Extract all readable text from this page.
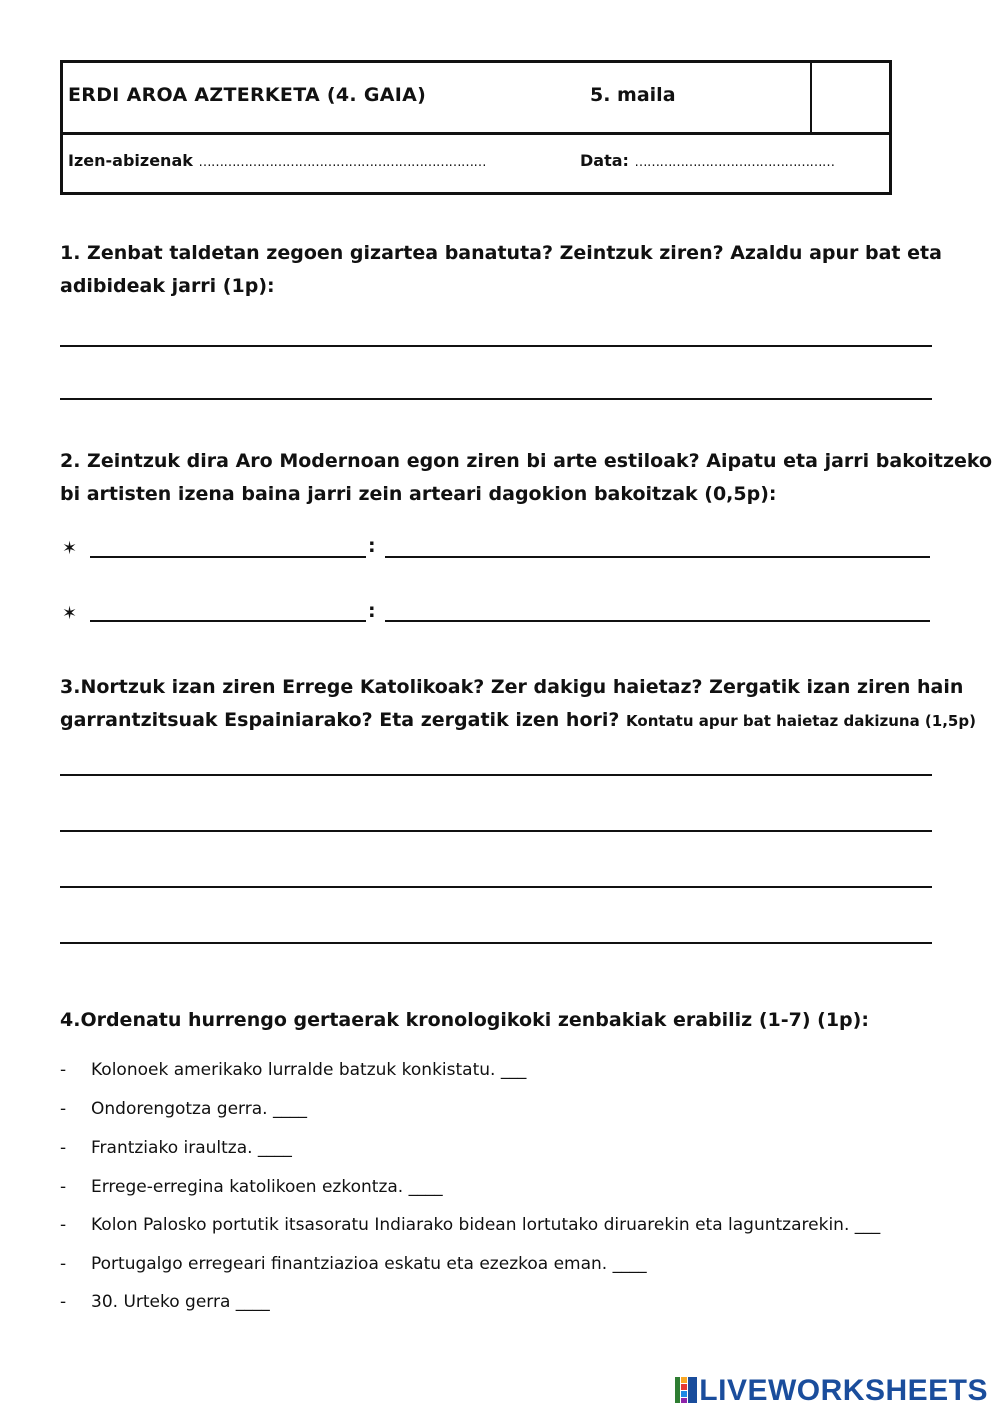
ERDI AROA AZTERKETA (4. GAIA)	5. maila
Izen-abizenak ……………………………………………………………	Data: …………………………………………
1. Zenbat taldetan zegoen gizartea banatuta? Zeintzuk ziren? Azaldu apur bat eta
adibideak jarri (1p):
2. Zeintzuk dira Aro Modernoan egon ziren bi arte estiloak? Aipatu eta jarri bakoitzeko
bi artisten izena baina jarri zein arteari dagokion bakoitzak (0,5p):
✶	:
✶	:
3.Nortzuk izan ziren Errege Katolikoak? Zer dakigu haietaz? Zergatik izan ziren hain
garrantzitsuak Espainiarako? Eta zergatik izen hori? Kontatu apur bat haietaz dakizuna (1,5p)
4.Ordenatu hurrengo gertaerak kronologikoki zenbakiak erabiliz (1-7) (1p):
- Kolonoek amerikako lurralde batzuk konkistatu. ___
- Ondorengotza gerra. ____
- Frantziako iraultza. ____
- Errege-erregina katolikoen ezkontza. ____
- Kolon Palosko portutik itsasoratu Indiarako bidean lortutako diruarekin eta laguntzarekin. ___
- Portugalgo erregeari finantziazioa eskatu eta ezezkoa eman. ____
- 30. Urteko gerra ____
LIVEWORKSHEETS
